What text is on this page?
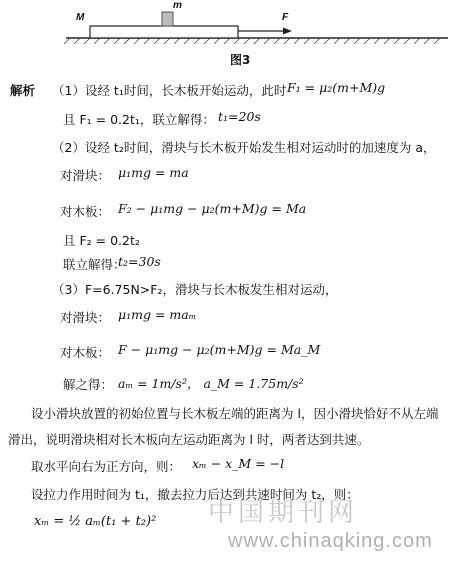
M
m
F
图3
解析 （1）设经 t₁时间，长木板开始运动，此时 F₁ = μ₂(m+M)g
且 F₁ = 0.2t₁，联立解得： t₁=20s
（2）设经 t₂时间，滑块与长木板开始发生相对运动时的加速度为 a，
对滑块： μ₁mg = ma
对木板： F₂ − μ₁mg − μ₂(m+M)g = Ma
且 F₂ = 0.2t₂
联立解得：
t₂=30s
（3）F=6.75N>F₂，滑块与长木板发生相对运动，
对滑块： μ₁mg = maₘ
对木板： F − μ₁mg − μ₂(m+M)g = Ma_M
解之得： aₘ = 1m/s²， a_M = 1.75m/s²
设小滑块放置的初始位置与长木板左端的距离为 l，因小滑块恰好不从左端
滑出，说明滑块相对长木板向左运动距离为 l 时，两者达到共速。
取水平向右为正方向，则： xₘ − x_M = −l
设拉力作用时间为 t₁，撤去拉力后达到共速时间为 t₂，则：
xₘ = ½ aₘ(t₁ + t₂)² 中国期刊网
www.chinaqking.com
